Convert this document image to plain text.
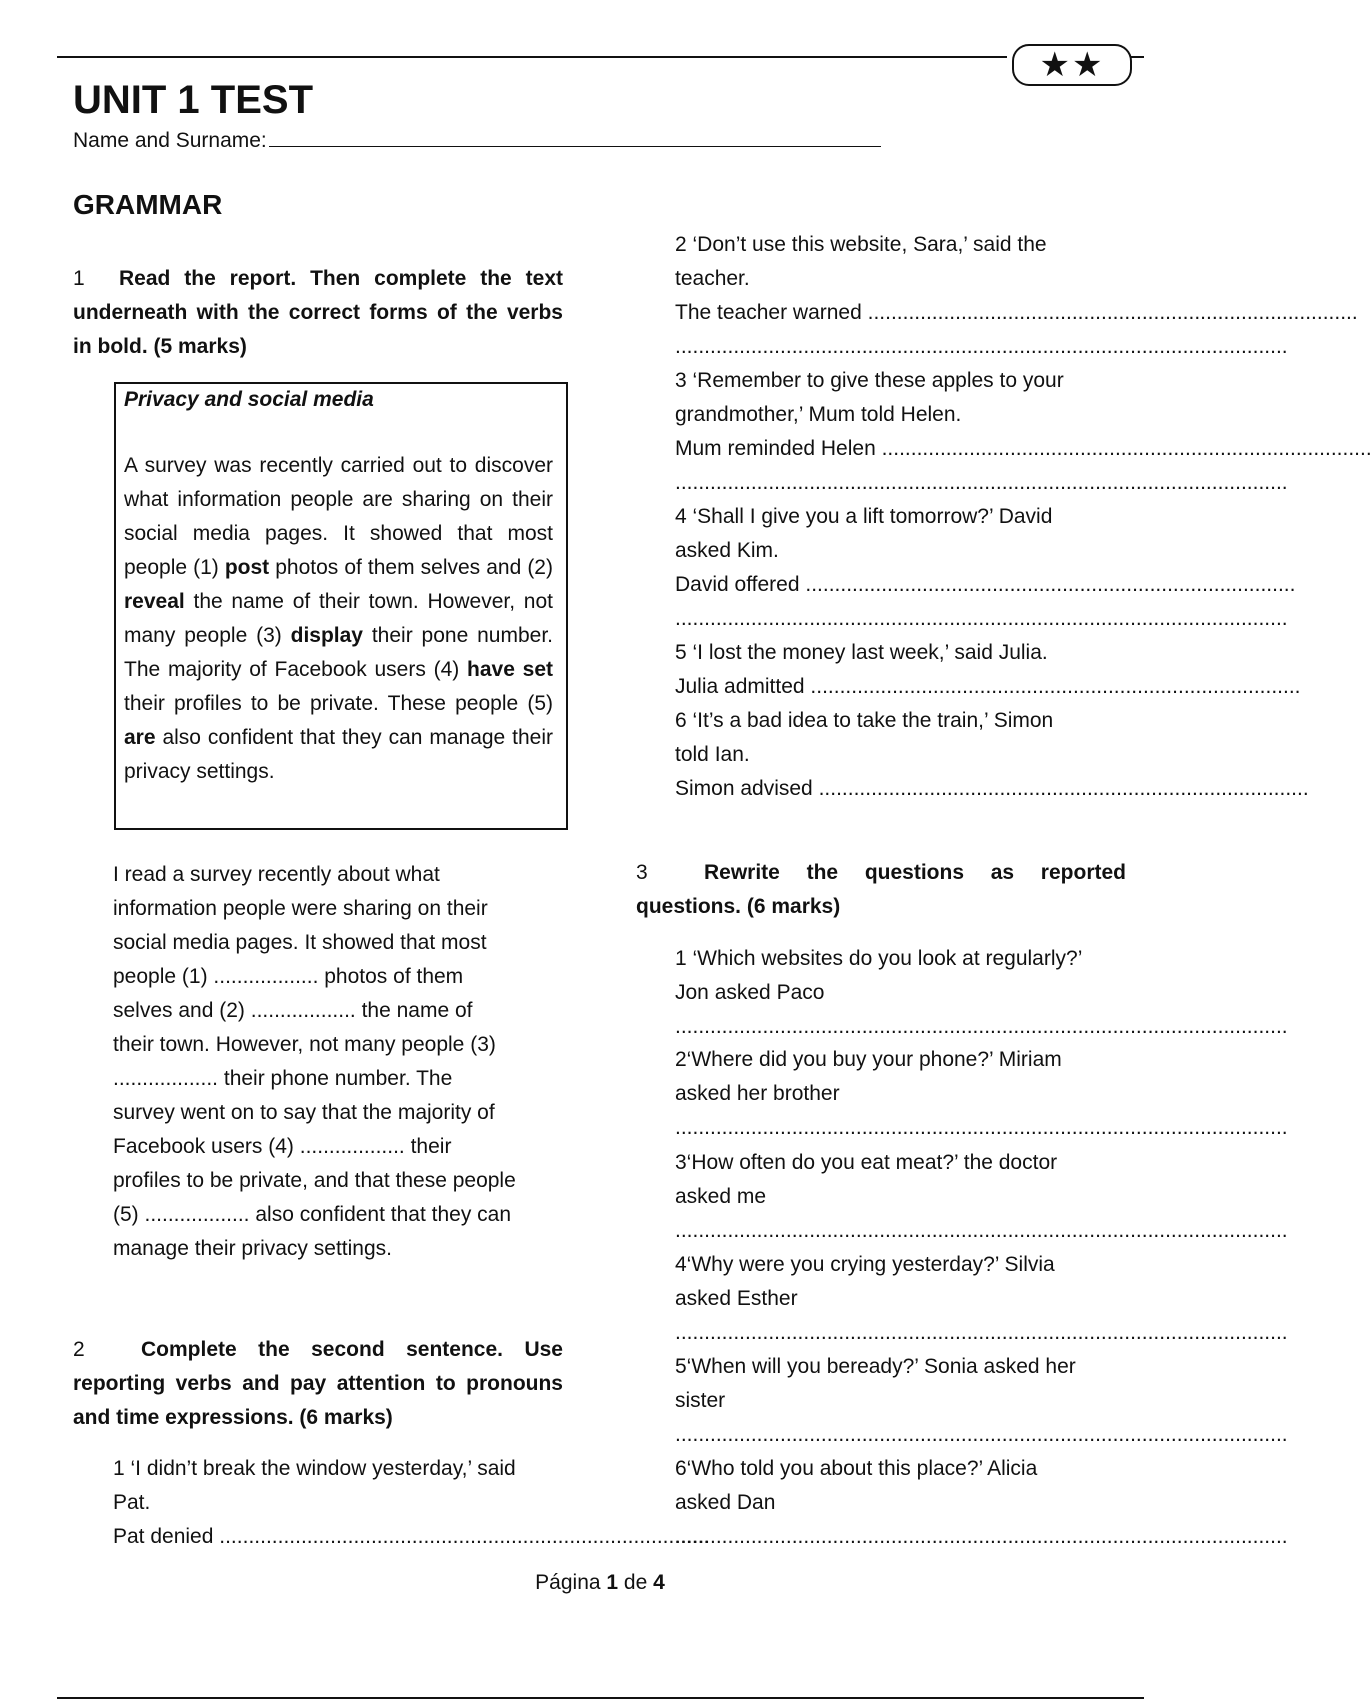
★★
UNIT 1 TEST
Name and Surname:
GRAMMAR
1 Read the report. Then complete the text underneath with the correct forms of the verbs in bold. (5 marks)
Privacy and social media
A survey was recently carried out to discover what information people are sharing on their social media pages. It showed that most people (1) post photos of them selves and (2) reveal the name of their town. However, not many people (3) display their pone number. The majority of Facebook users (4) have set their profiles to be private. These people (5) are also confident that they can manage their privacy settings.
I read a survey recently about what
information people were sharing on their
social media pages. It showed that most
people (1) .................. photos of them
selves and (2) .................. the name of
their town. However, not many people (3)
.................. their phone number. The
survey went on to say that the majority of
Facebook users (4) .................. their
profiles to be private, and that these people
(5) .................. also confident that they can
manage their privacy settings.
2	Complete the second sentence. Use reporting verbs and pay attention to pronouns and time expressions. (6 marks)
1 ‘I didn’t break the window yesterday,’ said
Pat.
Pat denied ....................................................................................
2 ‘Don’t use this website, Sara,’ said the
teacher.
The teacher warned ....................................................................................
.........................................................................................................
3 ‘Remember to give these apples to your
grandmother,’ Mum told Helen.
Mum reminded Helen ....................................................................................
.........................................................................................................
4 ‘Shall I give you a lift tomorrow?’ David
asked Kim.
David offered ....................................................................................
.........................................................................................................
5 ‘I lost the money last week,’ said Julia.
Julia admitted ....................................................................................
6 ‘It’s a bad idea to take the train,’ Simon
told Ian.
Simon advised ....................................................................................
3	Rewrite the questions as reported questions. (6 marks)
1 ‘Which websites do you look at regularly?’
Jon asked Paco
.........................................................................................................
2‘Where did you buy your phone?’ Miriam
asked her brother
.........................................................................................................
3‘How often do you eat meat?’ the doctor
asked me
.........................................................................................................
4‘Why were you crying yesterday?’ Silvia
asked Esther
.........................................................................................................
5‘When will you beready?’ Sonia asked her
sister
.........................................................................................................
6‘Who told you about this place?’ Alicia
asked Dan
.........................................................................................................
Página 1 de 4
